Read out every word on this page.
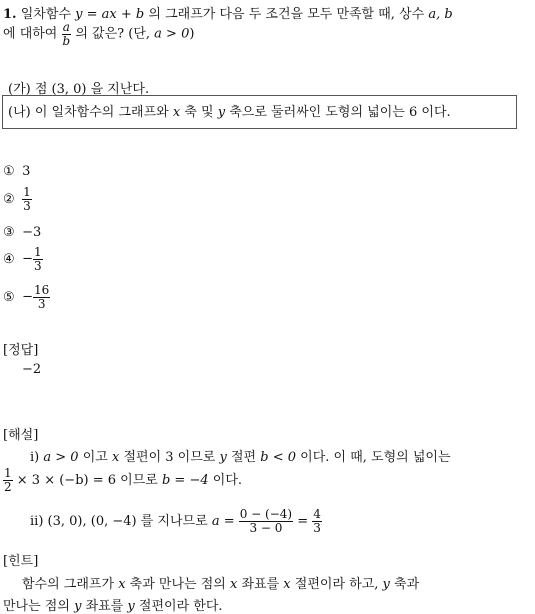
1. 일차함수 y = ax + b 의 그래프가 다음 두 조건을 모두 만족할 때, 상수 a, b
에 대하여 $\frac{a}{b}$ 의 값은? (단, a > 0)
(가) 점 (3, 0) 을 지난다.
(나) 이 일차함수의 그래프와 x 축 및 y 축으로 둘러싸인 도형의 넓이는 6 이다.
① 3
② $\frac{1}{3}$
③ −3
④ − $\frac{1}{3}$
⑤ − $\frac{16}{3}$
[정답]
−2
[해설]
ⅰ) a > 0 이고 x 절편이 3 이므로 y 절편 b < 0 이다. 이 때, 도형의 넓이는
$\frac{1}{2} \times 3 \times (-b) = 6$ 이므로 b = −4 이다.
ⅱ) (3, 0), (0, −4) 를 지나므로 $a = \frac{0 - (-4)}{3 - 0} = \frac{4}{3}$
[힌트]
함수의 그래프가 x 축과 만나는 점의 x 좌표를 x 절편이라 하고, y 축과
만나는 점의 y 좌표를 y 절편이라 한다.
